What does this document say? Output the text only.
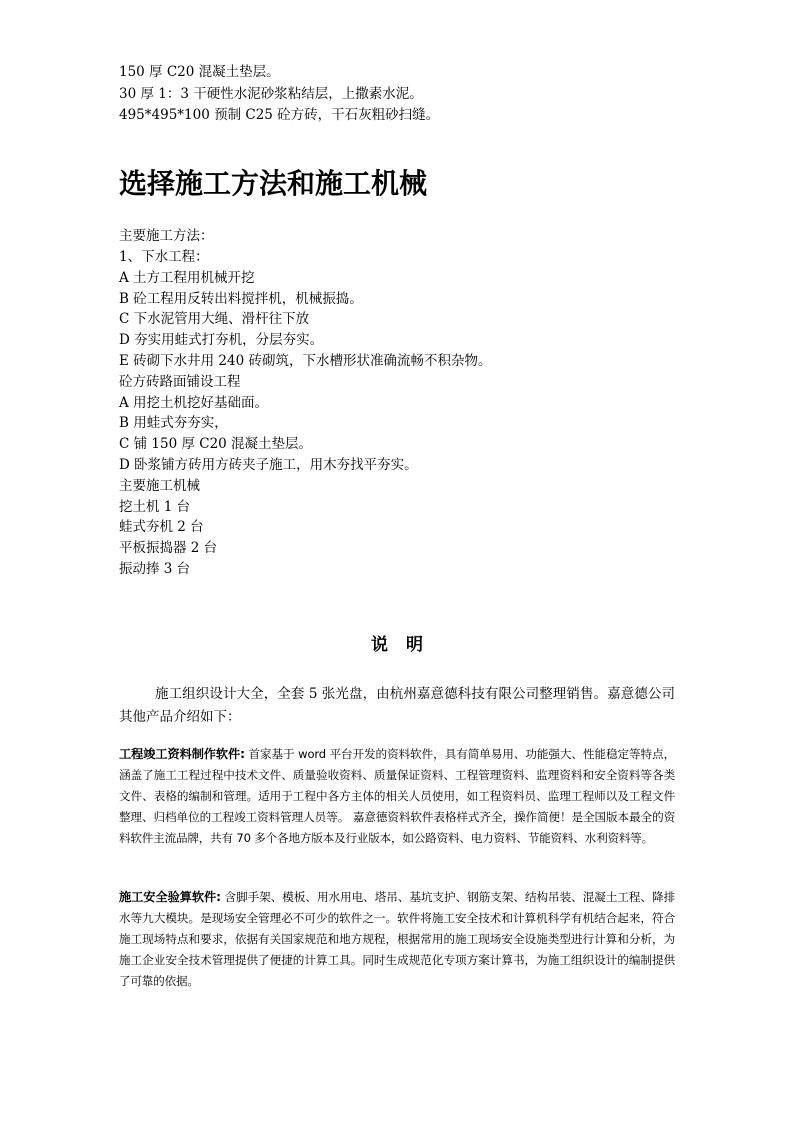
150 厚 C20 混凝土垫层。
30 厚 1：3 干硬性水泥砂浆粘结层，上撒素水泥。
495*495*100 预制 C25 砼方砖，干石灰粗砂扫缝。
选择施工方法和施工机械
主要施工方法：
1、下水工程：
A 土方工程用机械开挖
B 砼工程用反转出料搅拌机，机械振捣。
C 下水泥管用大绳、滑杆往下放
D 夯实用蛙式打夯机，分层夯实。
E 砖砌下水井用 240 砖砌筑，下水槽形状准确流畅不积杂物。
砼方砖路面铺设工程
A 用挖土机挖好基础面。
B 用蛙式夯夯实，
C 铺 150 厚 C20 混凝土垫层。
D 卧浆铺方砖用方砖夹子施工，用木夯找平夯实。
主要施工机械
挖土机 1 台
蛙式夯机 2 台
平板振捣器 2 台
振动捧 3 台
说明
施工组织设计大全，全套 5 张光盘，由杭州嘉意德科技有限公司整理销售。嘉意德公司其他产品介绍如下：
工程竣工资料制作软件: 首家基于 word 平台开发的资料软件，具有简单易用、功能强大、性能稳定等特点，涵盖了施工工程过程中技术文件、质量验收资料、质量保证资料、工程管理资料、监理资料和安全资料等各类文件、表格的编制和管理。适用于工程中各方主体的相关人员使用，如工程资料员、监理工程师以及工程文件整理、归档单位的工程竣工资料管理人员等。 嘉意德资料软件表格样式齐全，操作简便！是全国版本最全的资料软件主流品牌，共有 70 多个各地方版本及行业版本，如公路资料、电力资料、节能资料、水利资料等。
施工安全验算软件: 含脚手架、模板、用水用电、塔吊、基坑支护、钢筋支架、结构吊装、混凝土工程、降排水等九大模块。是现场安全管理必不可少的软件之一。软件将施工安全技术和计算机科学有机结合起来，符合施工现场特点和要求，依据有关国家规范和地方规程，根据常用的施工现场安全设施类型进行计算和分析，为施工企业安全技术管理提供了便捷的计算工具。同时生成规范化专项方案计算书，为施工组织设计的编制提供了可靠的依据。
